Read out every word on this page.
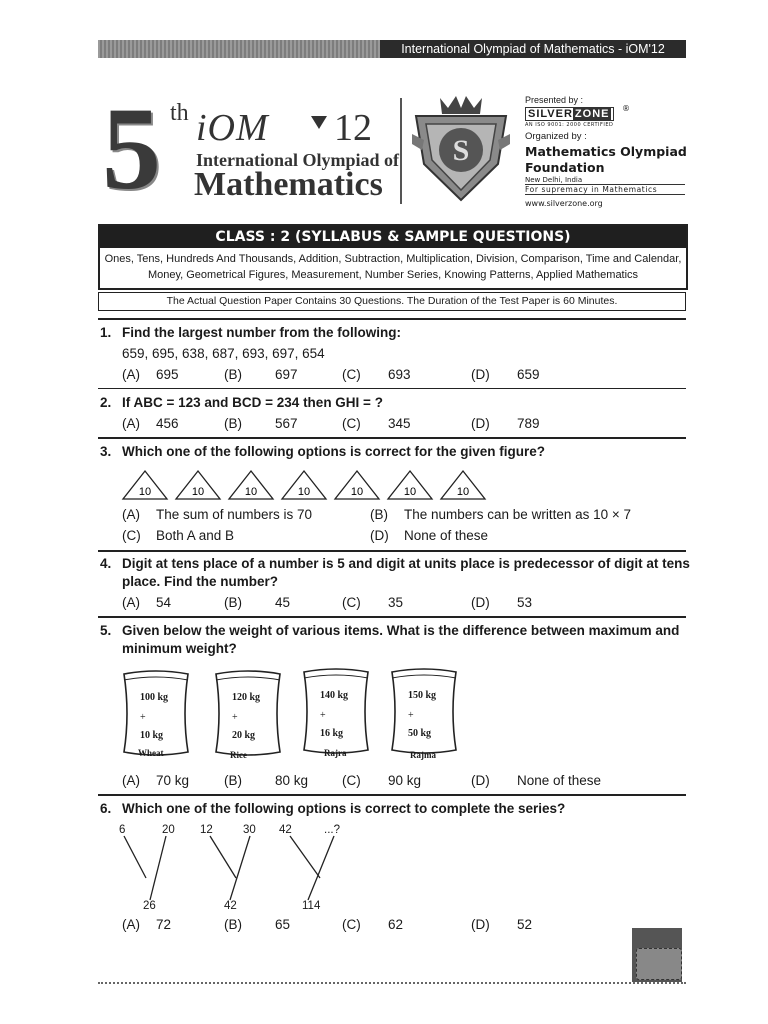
International Olympiad of Mathematics - iOM'12
5 th iOM 12
International Olympiad of
Mathematics
S
Presented by :
SILVER ZONE	®
AN ISO 9001: 2000 CERTIFIED
Organized by :
Mathematics Olympiad
Foundation
New Delhi, India
For supremacy in Mathematics
www.silverzone.org
CLASS : 2 (SYLLABUS & SAMPLE QUESTIONS)
Ones, Tens, Hundreds And Thousands, Addition, Subtraction, Multiplication, Division, Comparison, Time and Calendar, Money, Geometrical Figures, Measurement, Number Series, Knowing Patterns, Applied Mathematics
The Actual Question Paper Contains 30 Questions. The Duration of the Test Paper is 60 Minutes.
1. Find the largest number from the following:
659, 695, 638, 687, 693, 697, 654
(A) 695	(B) 697	(C) 693	(D) 659
2. If ABC = 123 and BCD = 234 then GHI = ?
(A) 456	(B) 567	(C) 345	(D) 789
3. Which one of the following options is correct for the given figure?
10	10	10	10	10	10	10
(A) The sum of numbers is 70	(B) The numbers can be written as 10 × 7
(C) Both A and B	(D) None of these
4. Digit at tens place of a number is 5 and digit at units place is predecessor of digit at tens
place. Find the number?
(A) 54	(B) 45	(C) 35	(D) 53
5. Given below the weight of various items. What is the difference between maximum and
minimum weight?
100 kg
+
10 kg
Wheat
120 kg
+
20 kg
Rice
140 kg
+
16 kg
Rajra
150 kg
+
50 kg
Rajma
(A) 70 kg	(B) 80 kg	(C) 90 kg	(D) None of these
6. Which one of the following options is correct to complete the series?
6	20
26
12	30
42
42	...?
114
(A) 72	(B) 65	(C) 62	(D) 52
